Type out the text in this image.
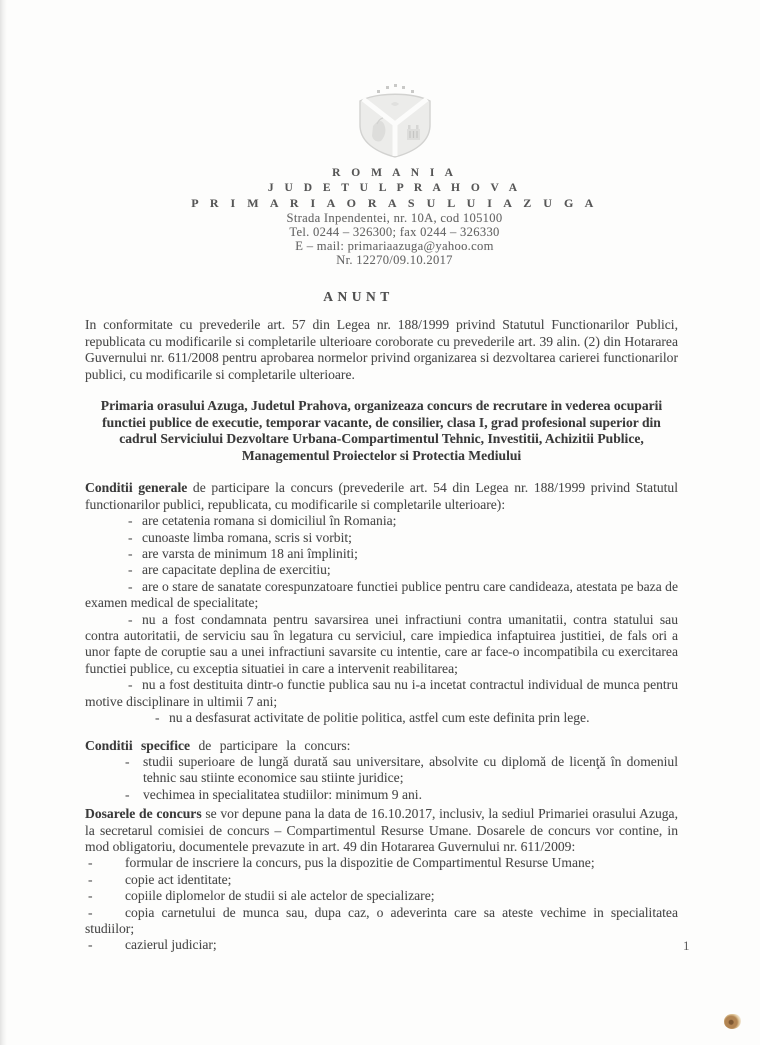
R O M A N I A
J U D E T U L P R A H O V A
P R I M A R I A O R A S U L U I A Z U G A
Strada Inpendentei, nr. 10A, cod 105100
Tel. 0244 – 326300; fax 0244 – 326330
E – mail: primariaazuga@yahoo.com
Nr. 12270/09.10.2017
ANUNT

In conformitate cu prevederile art. 57 din Legea nr. 188/1999 privind Statutul Functionarilor Publici, republicata cu modificarile si completarile ulterioare coroborate cu prevederile art. 39 alin. (2) din Hotararea Guvernului nr. 611/2008 pentru aprobarea normelor privind organizarea si dezvoltarea carierei functionarilor publici, cu modificarile si completarile ulterioare.

Primaria orasului Azuga, Judetul Prahova, organizeaza concurs de recrutare in vederea ocuparii functiei publice de executie, temporar vacante, de consilier, clasa I, grad profesional superior din cadrul Serviciului Dezvoltare Urbana-Compartimentul Tehnic, Investitii, Achizitii Publice, Managementul Proiectelor si Protectia Mediului

Conditii generale de participare la concurs (prevederile art. 54 din Legea nr. 188/1999 privind Statutul functionarilor publici, republicata, cu modificarile si completarile ulterioare):

- are cetatenia romana si domiciliul în Romania;

- cunoaste limba romana, scris si vorbit;

- are varsta de minimum 18 ani împliniti;

- are capacitate deplina de exercitiu;

- are o stare de sanatate corespunzatoare functiei publice pentru care candideaza, atestata pe baza de examen medical de specialitate;

- nu a fost condamnata pentru savarsirea unei infractiuni contra umanitatii, contra statului sau contra autoritatii, de serviciu sau în legatura cu serviciul, care impiedica infaptuirea justitiei, de fals ori a unor fapte de coruptie sau a unei infractiuni savarsite cu intentie, care ar face-o incompatibila cu exercitarea functiei publice, cu exceptia situatiei in care a intervenit reabilitarea;

- nu a fost destituita dintr-o functie publica sau nu i-a incetat contractul individual de munca pentru motive disciplinare in ultimii 7 ani;

- nu a desfasurat activitate de politie politica, astfel cum este definita prin lege.

Conditii specifice de participare la concurs:

- studii superioare de lungă durată sau universitare, absolvite cu diplomă de licenţă în domeniul tehnic sau stiinte economice sau stiinte juridice;

- vechimea in specialitatea studiilor: minimum 9 ani.

Dosarele de concurs se vor depune pana la data de 16.10.2017, inclusiv, la sediul Primariei orasului Azuga, la secretarul comisiei de concurs – Compartimentul Resurse Umane. Dosarele de concurs vor contine, in mod obligatoriu, documentele prevazute in art. 49 din Hotararea Guvernului nr. 611/2009:

- formular de inscriere la concurs, pus la dispozitie de Compartimentul Resurse Umane;

- copie act identitate;

- copiile diplomelor de studii si ale actelor de specializare;

- copia carnetului de munca sau, dupa caz, o adeverinta care sa ateste vechime in specialitatea studiilor;

- cazierul judiciar;	1
